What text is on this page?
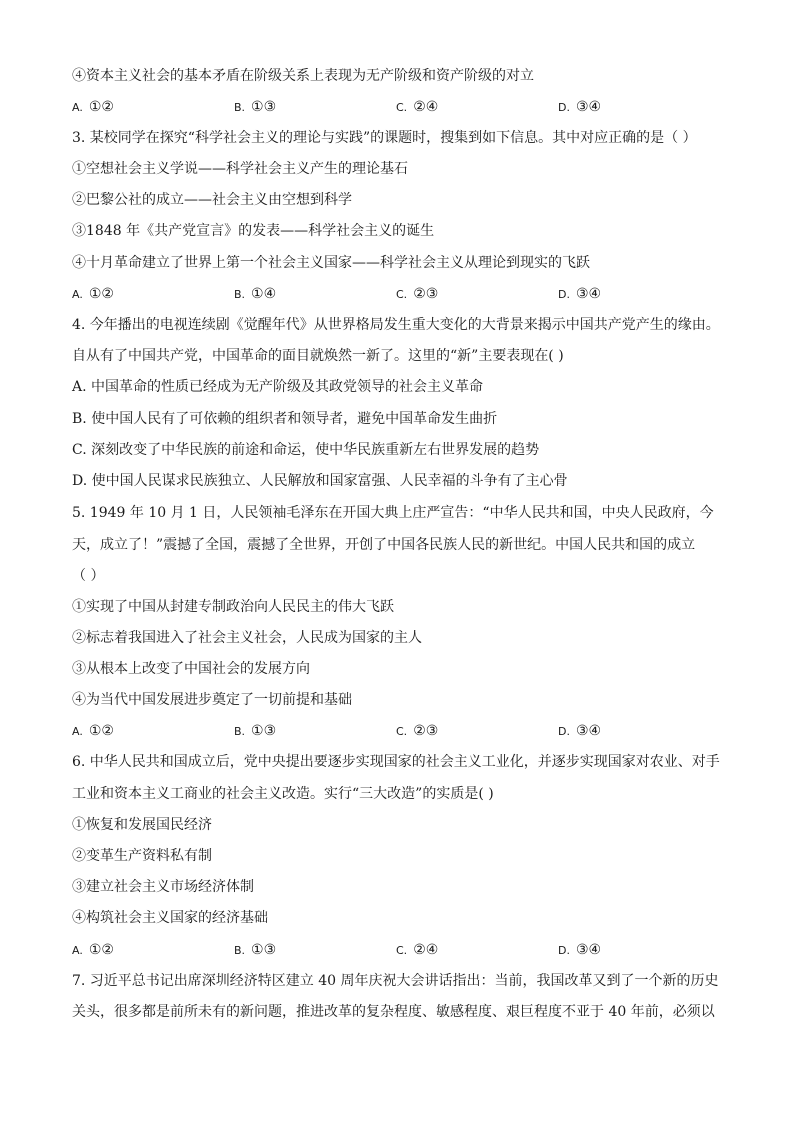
④资本主义社会的基本矛盾在阶级关系上表现为无产阶级和资产阶级的对立
A. ①②	B. ①③	C. ②④	D. ③④
3. 某校同学在探究“科学社会主义的理论与实践”的课题时，搜集到如下信息。其中对应正确的是（ ）
①空想社会主义学说——科学社会主义产生的理论基石
②巴黎公社的成立——社会主义由空想到科学
③1848 年《共产党宣言》的发表——科学社会主义的诞生
④十月革命建立了世界上第一个社会主义国家——科学社会主义从理论到现实的飞跃
A. ①②	B. ①④	C. ②③	D. ③④
4. 今年播出的电视连续剧《觉醒年代》从世界格局发生重大变化的大背景来揭示中国共产党产生的缘由。
自从有了中国共产党，中国革命的面目就焕然一新了。这里的“新”主要表现在( )
A. 中国革命的性质已经成为无产阶级及其政党领导的社会主义革命
B. 使中国人民有了可依赖的组织者和领导者，避免中国革命发生曲折
C. 深刻改变了中华民族的前途和命运，使中华民族重新左右世界发展的趋势
D. 使中国人民谋求民族独立、人民解放和国家富强、人民幸福的斗争有了主心骨
5. 1949 年 10 月 1 日，人民领袖毛泽东在开国大典上庄严宣告：“中华人民共和国，中央人民政府，今
天，成立了！”震撼了全国，震撼了全世界，开创了中国各民族人民的新世纪。中国人民共和国的成立
（ ）
①实现了中国从封建专制政治向人民民主的伟大飞跃
②标志着我国进入了社会主义社会，人民成为国家的主人
③从根本上改变了中国社会的发展方向
④为当代中国发展进步奠定了一切前提和基础
A. ①②	B. ①③	C. ②③	D. ③④
6. 中华人民共和国成立后，党中央提出要逐步实现国家的社会主义工业化，并逐步实现国家对农业、对手
工业和资本主义工商业的社会主义改造。实行“三大改造”的实质是( )
①恢复和发展国民经济
②变革生产资料私有制
③建立社会主义市场经济体制
④构筑社会主义国家的经济基础
A. ①②	B. ①③	C. ②④	D. ③④
7. 习近平总书记出席深圳经济特区建立 40 周年庆祝大会讲话指出：当前，我国改革又到了一个新的历史
关头，很多都是前所未有的新问题，推进改革的复杂程度、敏感程度、艰巨程度不亚于 40 年前，必须以
